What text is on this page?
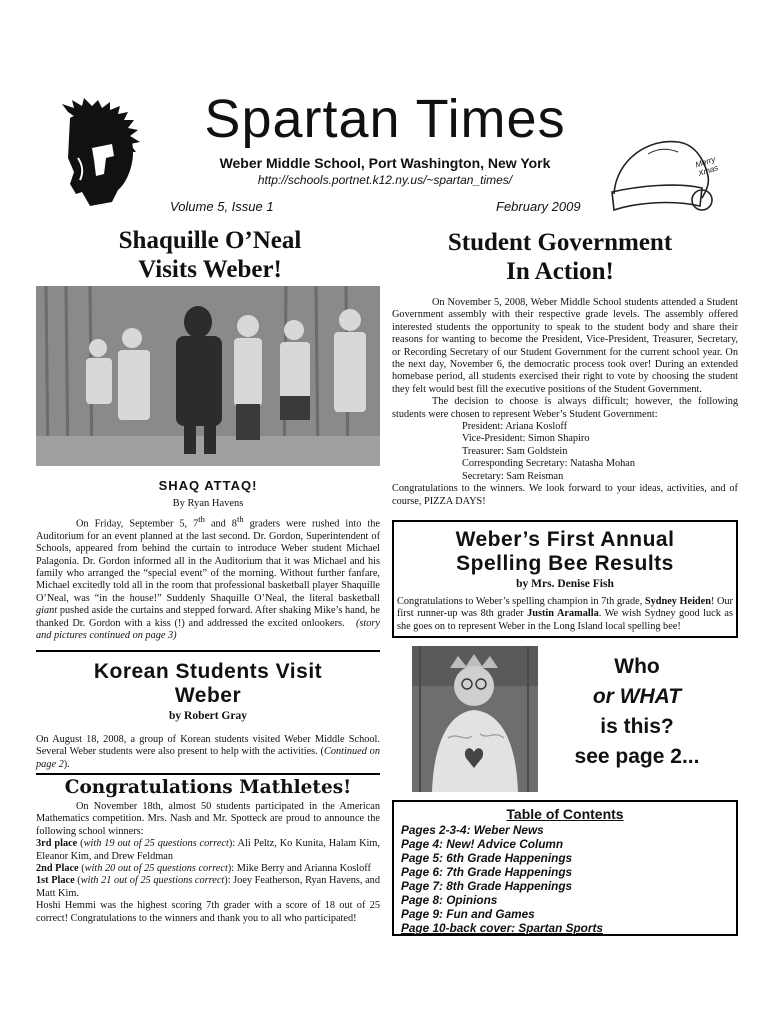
Spartan Times
Weber Middle School, Port Washington, New York
http://schools.portnet.k12.ny.us/~spartan_times/
Volume 5, Issue 1	February 2009
Merry Xmas
Shaquille O’Neal
Visits Weber!
Student Government
In Action!
SHAQ ATTAQ!
By Ryan Havens

On Friday, September 5, 7th and 8th graders were rushed into the Auditorium for an event planned at the last second. Dr. Gordon, Superintendent of Schools, appeared from behind the curtain to introduce Weber student Michael Palagonia. Dr. Gordon informed all in the Auditorium that it was Michael and his family who arranged the “special event” of the morning. Without further fanfare, Michael excitedly told all in the room that professional basketball player Shaquille O’Neal, was “in the house!” Suddenly Shaquille O’Neal, the literal basketball giant pushed aside the curtains and stepped forward. After shaking Mike’s hand, he thanked Dr. Gordon with a kiss (!) and addressed the excited onlookers. (story and pictures continued on page 3)

On November 5, 2008, Weber Middle School students attended a Student Government assembly with their respective grade levels. The assembly offered interested students the opportunity to speak to the student body and share their reasons for wanting to become the President, Vice-President, Treasurer, Secretary, or Recording Secretary of our Student Government for the current school year. On the next day, November 6, the democratic process took over! During an extended homebase period, all students exercised their right to vote by choosing the student they felt would best fill the executive positions of the Student Government.

The decision to choose is always difficult; however, the following students were chosen to represent Weber’s Student Government:

President: Ariana Kosloff
Vice-President: Simon Shapiro
Treasurer: Sam Goldstein
Corresponding Secretary: Natasha Mohan
Secretary: Sam Reisman

Congratulations to the winners. We look forward to your ideas, activities, and of course, PIZZA DAYS!

Weber’s First Annual
Spelling Bee Results
by Mrs. Denise Fish
Congratulations to Weber’s spelling champion in 7th grade, Sydney Heiden! Our first runner-up was 8th grader Justin Aramalla. We wish Sydney good luck as she goes on to represent Weber in the Long Island local spelling bee!
Korean Students Visit
Weber
by Robert Gray
On August 18, 2008, a group of Korean students visited Weber Middle School. Several Weber students were also present to help with the activities. (Continued on page 2).
Congratulations Mathletes!

On November 18th, almost 50 students participated in the American Mathematics competition. Mrs. Nash and Mr. Spotteck are proud to announce the following school winners:

3rd place (with 19 out of 25 questions correct): Ali Peltz, Ko Kunita, Halam Kim, Eleanor Kim, and Drew Feldman

2nd Place (with 20 out of 25 questions correct): Mike Berry and Arianna Kosloff

1st Place (with 21 out of 25 questions correct): Joey Featherson, Ryan Havens, and Matt Kim.

Hoshi Hemmi was the highest scoring 7th grader with a score of 18 out of 25 correct! Congratulations to the winners and thank you to all who participated!

Who
or WHAT
is this?
see page 2...
Table of Contents
Pages 2-3-4: Weber News
Page 4: New! Advice Column
Page 5: 6th Grade Happenings
Page 6: 7th Grade Happenings
Page 7: 8th Grade Happenings
Page 8: Opinions
Page 9: Fun and Games
Page 10-back cover: Spartan Sports
